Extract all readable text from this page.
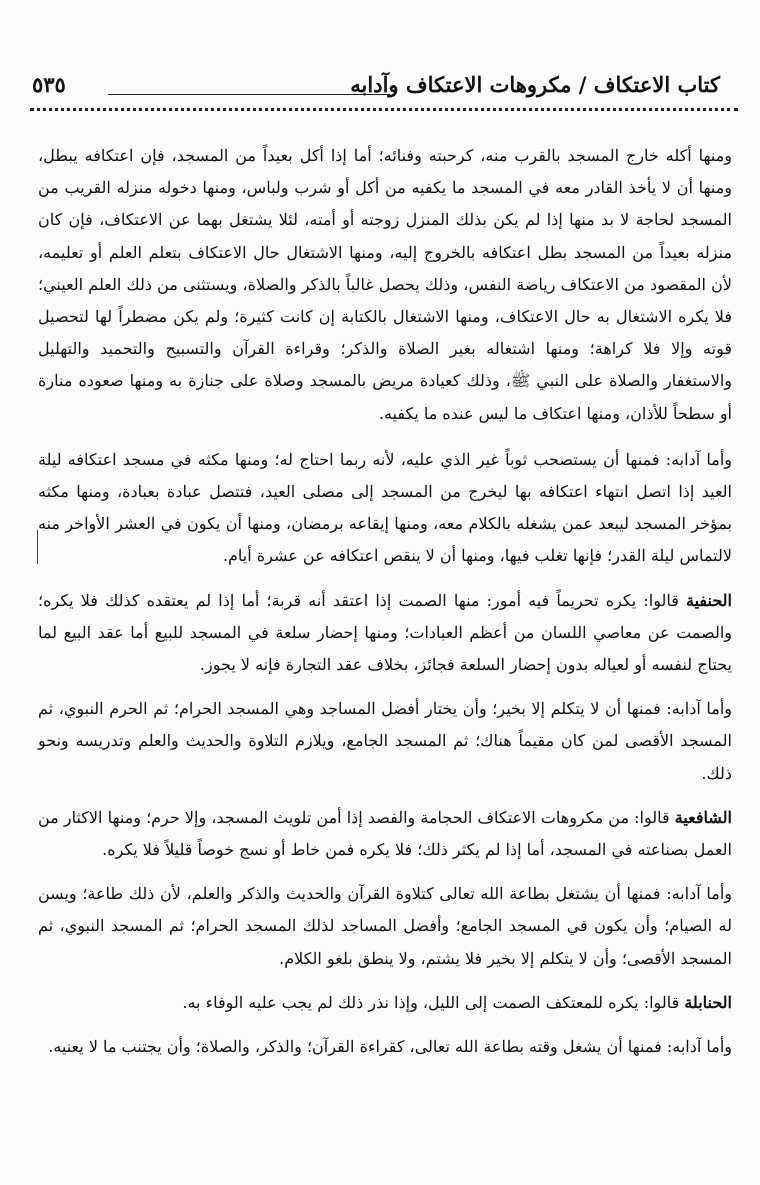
كتاب الاعتكاف / مكروهات الاعتكاف وآدابه
٥٣٥

ومنها أكله خارج المسجد بالقرب منه، كرحبته وفنائه؛ أما إذا أكل بعيداً من المسجد، فإن اعتكافه يبطل، ومنها أن لا يأخذ القادر معه في المسجد ما يكفيه من أكل أو شرب ولباس، ومنها دخوله منزله القريب من المسجد لحاجة لا بد منها إذا لم يكن بذلك المنزل زوجته أو أمته، لئلا يشتغل بهما عن الاعتكاف، فإن كان منزله بعيداً من المسجد بطل اعتكافه بالخروج إليه، ومنها الاشتغال حال الاعتكاف بتعلم العلم أو تعليمه، لأن المقصود من الاعتكاف رياضة النفس، وذلك يحصل غالباً بالذكر والصلاة، ويستثنى من ذلك العلم العيني؛ فلا يكره الاشتغال به حال الاعتكاف، ومنها الاشتغال بالكتابة إن كانت كثيرة؛ ولم يكن مضطراً لها لتحصيل قوته وإلا فلا كراهة؛ ومنها اشتغاله بغير الصلاة والذكر؛ وقراءة القرآن والتسبيح والتحميد والتهليل والاستغفار والصلاة على النبي ﷺ، وذلك كعيادة مريض بالمسجد وصلاة على جنازة به ومنها صعوده منارة أو سطحاً للأذان، ومنها اعتكاف ما ليس عنده ما يكفيه.

وأما آدابه: فمنها أن يستصحب ثوباً غير الذي عليه، لأنه ربما احتاج له؛ ومنها مكثه في مسجد اعتكافه ليلة العيد إذا اتصل انتهاء اعتكافه بها ليخرج من المسجد إلى مصلى العيد، فتتصل عبادة بعبادة، ومنها مكثه بمؤخر المسجد ليبعد عمن يشغله بالكلام معه، ومنها إيقاعه برمضان، ومنها أن يكون في العشر الأواخر منه لالتماس ليلة القدر؛ فإنها تغلب فيها، ومنها أن لا ينقص اعتكافه عن عشرة أيام.

الحنفية قالوا: يكره تحريماً فيه أمور: منها الصمت إذا اعتقد أنه قربة؛ أما إذا لم يعتقده كذلك فلا يكره؛ والصمت عن معاصي اللسان من أعظم العبادات؛ ومنها إحضار سلعة في المسجد للبيع أما عقد البيع لما يحتاج لنفسه أو لعياله بدون إحضار السلعة فجائز، بخلاف عقد التجارة فإنه لا يجوز.

وأما آدابه: فمنها أن لا يتكلم إلا بخير؛ وأن يختار أفضل المساجد وهي المسجد الحرام؛ ثم الحرم النبوي، ثم المسجد الأقصى لمن كان مقيماً هناك؛ ثم المسجد الجامع، ويلازم التلاوة والحديث والعلم وتدريسه ونحو ذلك.

الشافعية قالوا: من مكروهات الاعتكاف الحجامة والفصد إذا أمن تلويث المسجد، وإلا حرم؛ ومنها الاكثار من العمل بصناعته في المسجد، أما إذا لم يكثر ذلك؛ فلا يكره فمن خاط أو نسج خوصاً قليلاً فلا يكره.

وأما آدابه: فمنها أن يشتغل بطاعة الله تعالى كتلاوة القرآن والحديث والذكر والعلم، لأن ذلك طاعة؛ ويسن له الصيام؛ وأن يكون في المسجد الجامع؛ وأفضل المساجد لذلك المسجد الحرام؛ ثم المسجد النبوي، ثم المسجد الأقصى؛ وأن لا يتكلم إلا بخير فلا يشتم، ولا ينطق بلغو الكلام.

الحنابلة قالوا: يكره للمعتكف الصمت إلى الليل، وإذا نذر ذلك لم يجب عليه الوفاء به.

وأما آدابه: فمنها أن يشغل وقته بطاعة الله تعالى، كقراءة القرآن؛ والذكر، والصلاة؛ وأن يجتنب ما لا يعنيه.
